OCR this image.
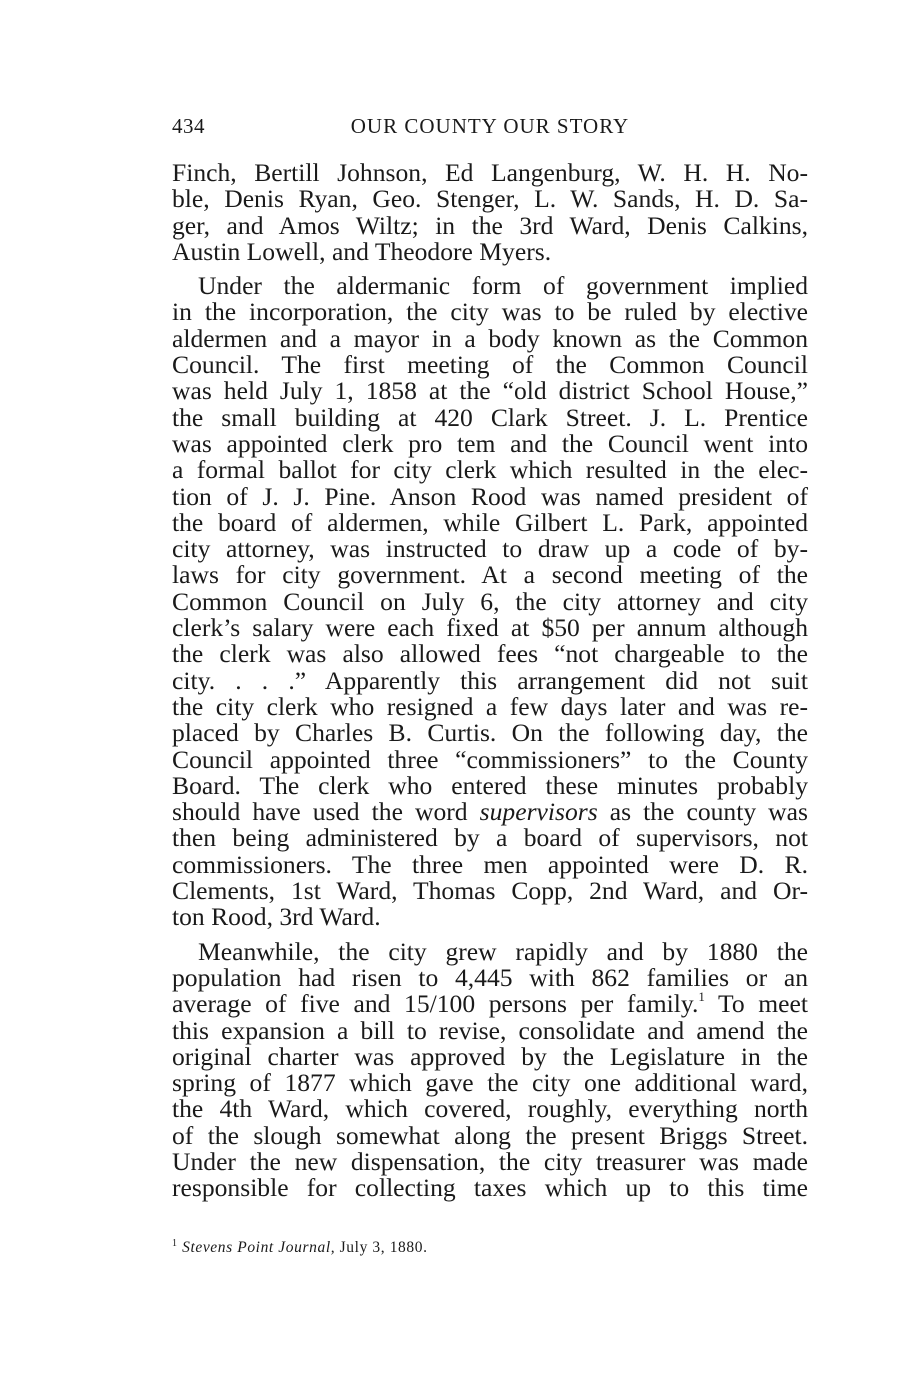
434	OUR COUNTY OUR STORY
Finch, Bertill Johnson, Ed Langenburg, W. H. H. No-
ble, Denis Ryan, Geo. Stenger, L. W. Sands, H. D. Sa-
ger, and Amos Wiltz; in the 3rd Ward, Denis Calkins,
Austin Lowell, and Theodore Myers.
Under the aldermanic form of government implied
in the incorporation, the city was to be ruled by elective
aldermen and a mayor in a body known as the Common
Council. The first meeting of the Common Council
was held July 1, 1858 at the “old district School House,”
the small building at 420 Clark Street. J. L. Prentice
was appointed clerk pro tem and the Council went into
a formal ballot for city clerk which resulted in the elec-
tion of J. J. Pine. Anson Rood was named president of
the board of aldermen, while Gilbert L. Park, appointed
city attorney, was instructed to draw up a code of by-
laws for city government. At a second meeting of the
Common Council on July 6, the city attorney and city
clerk’s salary were each fixed at $50 per annum although
the clerk was also allowed fees “not chargeable to the
city. . . .” Apparently this arrangement did not suit
the city clerk who resigned a few days later and was re-
placed by Charles B. Curtis. On the following day, the
Council appointed three “commissioners” to the County
Board. The clerk who entered these minutes probably
should have used the word supervisors as the county was
then being administered by a board of supervisors, not
commissioners. The three men appointed were D. R.
Clements, 1st Ward, Thomas Copp, 2nd Ward, and Or-
ton Rood, 3rd Ward.
Meanwhile, the city grew rapidly and by 1880 the
population had risen to 4,445 with 862 families or an
average of five and 15/100 persons per family.$^1$ To meet
this expansion a bill to revise, consolidate and amend the
original charter was approved by the Legislature in the
spring of 1877 which gave the city one additional ward,
the 4th Ward, which covered, roughly, everything north
of the slough somewhat along the present Briggs Street.
Under the new dispensation, the city treasurer was made
responsible for collecting taxes which up to this time
$^1$ Stevens Point Journal, July 3, 1880.
